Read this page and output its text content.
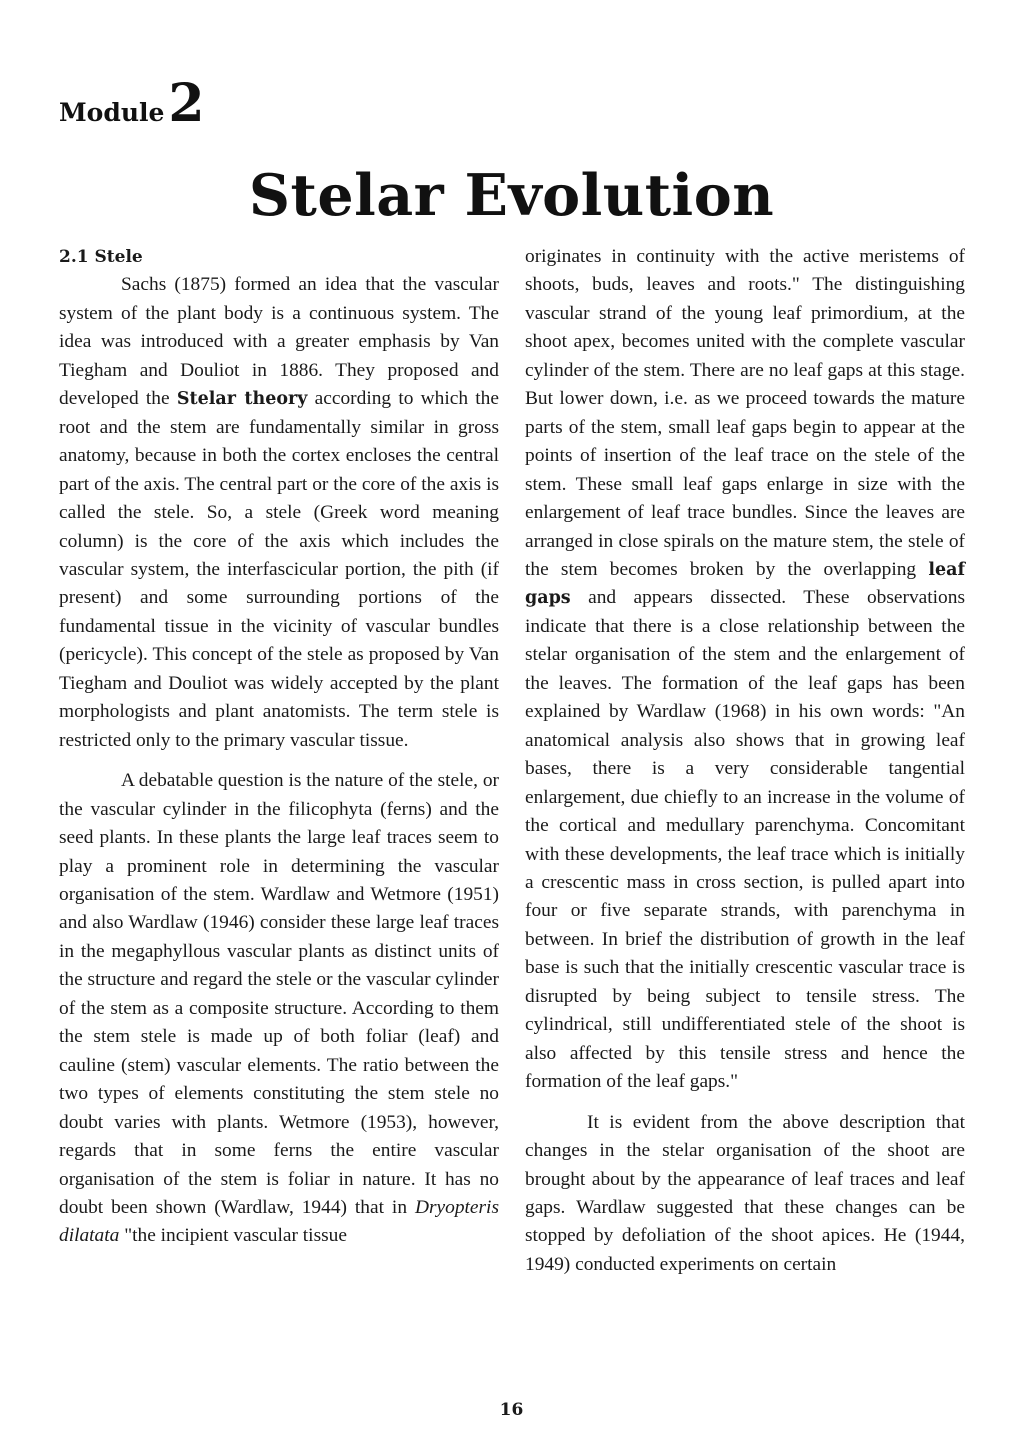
Module2
Stelar Evolution

2.1 Stele

Sachs (1875) formed an idea that the vascular system of the plant body is a continuous system. The idea was introduced with a greater emphasis by Van Tiegham and Douliot in 1886. They proposed and developed the Stelar theory according to which the root and the stem are fundamentally similar in gross anatomy, because in both the cortex encloses the central part of the axis. The central part or the core of the axis is called the stele. So, a stele (Greek word meaning column) is the core of the axis which includes the vascular system, the interfascicular portion, the pith (if present) and some surrounding portions of the fundamental tissue in the vicinity of vascular bundles (pericycle). This concept of the stele as proposed by Van Tiegham and Douliot was widely accepted by the plant morphologists and plant anatomists. The term stele is restricted only to the primary vascular tissue.

A debatable question is the nature of the stele, or the vascular cylinder in the filicophyta (ferns) and the seed plants. In these plants the large leaf traces seem to play a prominent role in determining the vascular organisation of the stem. Wardlaw and Wetmore (1951) and also Wardlaw (1946) consider these large leaf traces in the megaphyllous vascular plants as distinct units of the structure and regard the stele or the vascular cylinder of the stem as a composite structure. According to them the stem stele is made up of both foliar (leaf) and cauline (stem) vascular elements. The ratio between the two types of elements constituting the stem stele no doubt varies with plants. Wetmore (1953), however, regards that in some ferns the entire vascular organisation of the stem is foliar in nature. It has no doubt been shown (Wardlaw, 1944) that in Dryopteris dilatata "the incipient vascular tissue

originates in continuity with the active meristems of shoots, buds, leaves and roots." The distinguishing vascular strand of the young leaf primordium, at the shoot apex, becomes united with the complete vascular cylinder of the stem. There are no leaf gaps at this stage. But lower down, i.e. as we proceed towards the mature parts of the stem, small leaf gaps begin to appear at the points of insertion of the leaf trace on the stele of the stem. These small leaf gaps enlarge in size with the enlargement of leaf trace bundles. Since the leaves are arranged in close spirals on the mature stem, the stele of the stem becomes broken by the overlapping leaf gaps and appears dissected. These observations indicate that there is a close relationship between the stelar organisation of the stem and the enlargement of the leaves. The formation of the leaf gaps has been explained by Wardlaw (1968) in his own words: "An anatomical analysis also shows that in growing leaf bases, there is a very considerable tangential enlargement, due chiefly to an increase in the volume of the cortical and medullary parenchyma. Concomitant with these developments, the leaf trace which is initially a crescentic mass in cross section, is pulled apart into four or five separate strands, with parenchyma in between. In brief the distribution of growth in the leaf base is such that the initially crescentic vascular trace is disrupted by being subject to tensile stress. The cylindrical, still undifferentiated stele of the shoot is also affected by this tensile stress and hence the formation of the leaf gaps."

It is evident from the above description that changes in the stelar organisation of the shoot are brought about by the appearance of leaf traces and leaf gaps. Wardlaw suggested that these changes can be stopped by defoliation of the shoot apices. He (1944, 1949) conducted experiments on certain

16
